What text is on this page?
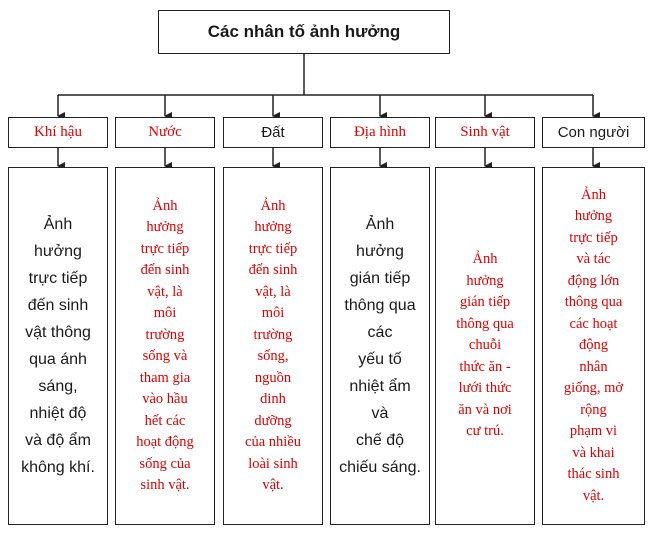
Các nhân tố ảnh hưởng
Khí hậu	Nước	Đất	Địa hình	Sinh vật	Con người
Ảnh
hưởng
trực tiếp
đến sinh
vật thông
qua ánh
sáng,
nhiệt độ
và độ ẩm
không khí.
Ảnh
hưởng
trực tiếp
đến sinh
vật, là
môi
trường
sống và
tham gia
vào hầu
hết các
hoạt động
sống của
sinh vật.
Ảnh
hưởng
trực tiếp
đến sinh
vật, là
môi
trường
sống,
nguồn
dinh
dưỡng
của nhiều
loài sinh
vật.
Ảnh
hưởng
gián tiếp
thông qua
các
yếu tố
nhiệt ẩm
và
chế độ
chiếu sáng.
Ảnh
hưởng
gián tiếp
thông qua
chuỗi
thức ăn -
lưới thức
ăn và nơi
cư trú.
Ảnh
hưởng
trực tiếp
và tác
động lớn
thông qua
các hoạt
động
nhân
giống, mở
rộng
phạm vi
và khai
thác sinh
vật.
